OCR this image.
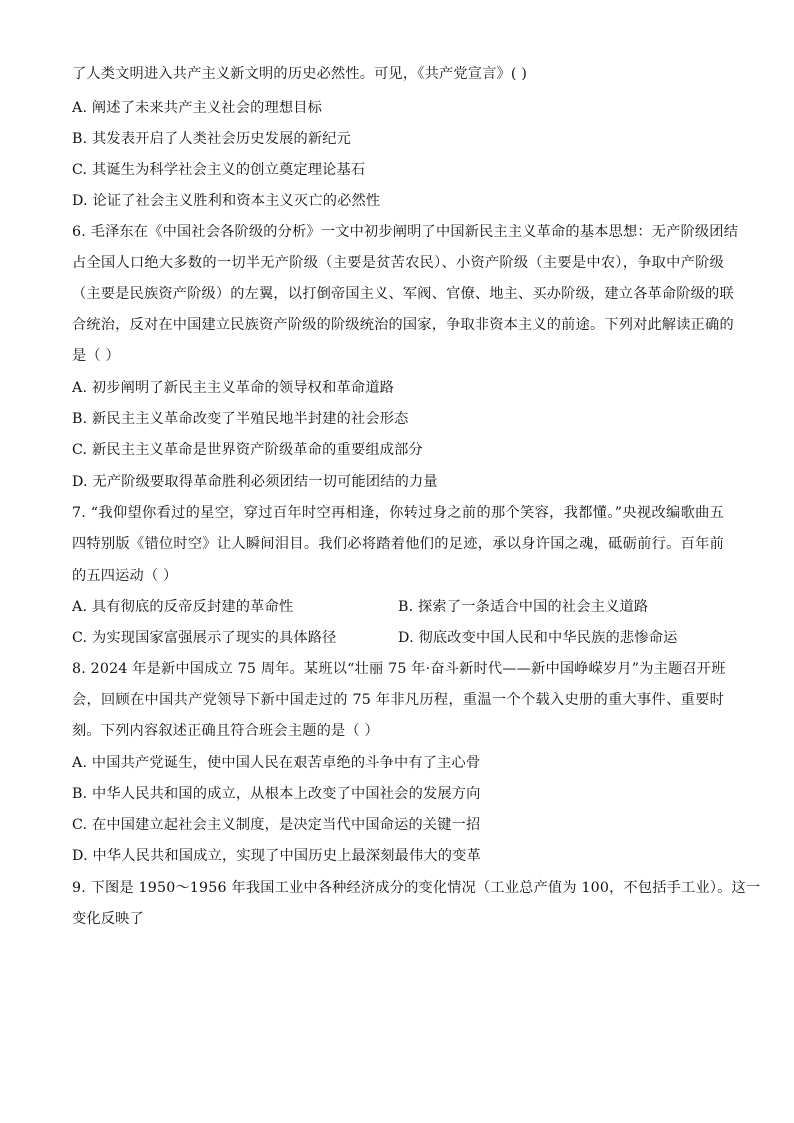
了人类文明进入共产主义新文明的历史必然性。可见，《共产党宣言》( )
A. 阐述了未来共产主义社会的理想目标
B. 其发表开启了人类社会历史发展的新纪元
C. 其诞生为科学社会主义的创立奠定理论基石
D. 论证了社会主义胜利和资本主义灭亡的必然性
6. 毛泽东在《中国社会各阶级的分析》一文中初步阐明了中国新民主主义革命的基本思想：无产阶级团结
占全国人口绝大多数的一切半无产阶级（主要是贫苦农民）、小资产阶级（主要是中农），争取中产阶级
（主要是民族资产阶级）的左翼，以打倒帝国主义、军阀、官僚、地主、买办阶级，建立各革命阶级的联
合统治，反对在中国建立民族资产阶级的阶级统治的国家，争取非资本主义的前途。下列对此解读正确的
是（ ）
A. 初步阐明了新民主主义革命的领导权和革命道路
B. 新民主主义革命改变了半殖民地半封建的社会形态
C. 新民主主义革命是世界资产阶级革命的重要组成部分
D. 无产阶级要取得革命胜利必须团结一切可能团结的力量
7. “我仰望你看过的星空，穿过百年时空再相逢，你转过身之前的那个笑容，我都懂。”央视改编歌曲五
四特别版《错位时空》让人瞬间泪目。我们必将踏着他们的足迹，承以身许国之魂，砥砺前行。百年前
的五四运动（ ）
A. 具有彻底的反帝反封建的革命性	B. 探索了一条适合中国的社会主义道路
C. 为实现国家富强展示了现实的具体路径	D. 彻底改变中国人民和中华民族的悲惨命运
8. 2024 年是新中国成立 75 周年。某班以“壮丽 75 年·奋斗新时代——新中国峥嵘岁月”为主题召开班
会，回顾在中国共产党领导下新中国走过的 75 年非凡历程，重温一个个载入史册的重大事件、重要时
刻。下列内容叙述正确且符合班会主题的是（ ）
A. 中国共产党诞生，使中国人民在艰苦卓绝的斗争中有了主心骨
B. 中华人民共和国的成立，从根本上改变了中国社会的发展方向
C. 在中国建立起社会主义制度，是决定当代中国命运的关键一招
D. 中华人民共和国成立，实现了中国历史上最深刻最伟大的变革
9. 下图是 1950～1956 年我国工业中各种经济成分的变化情况（工业总产值为 100，不包括手工业）。这一
变化反映了
